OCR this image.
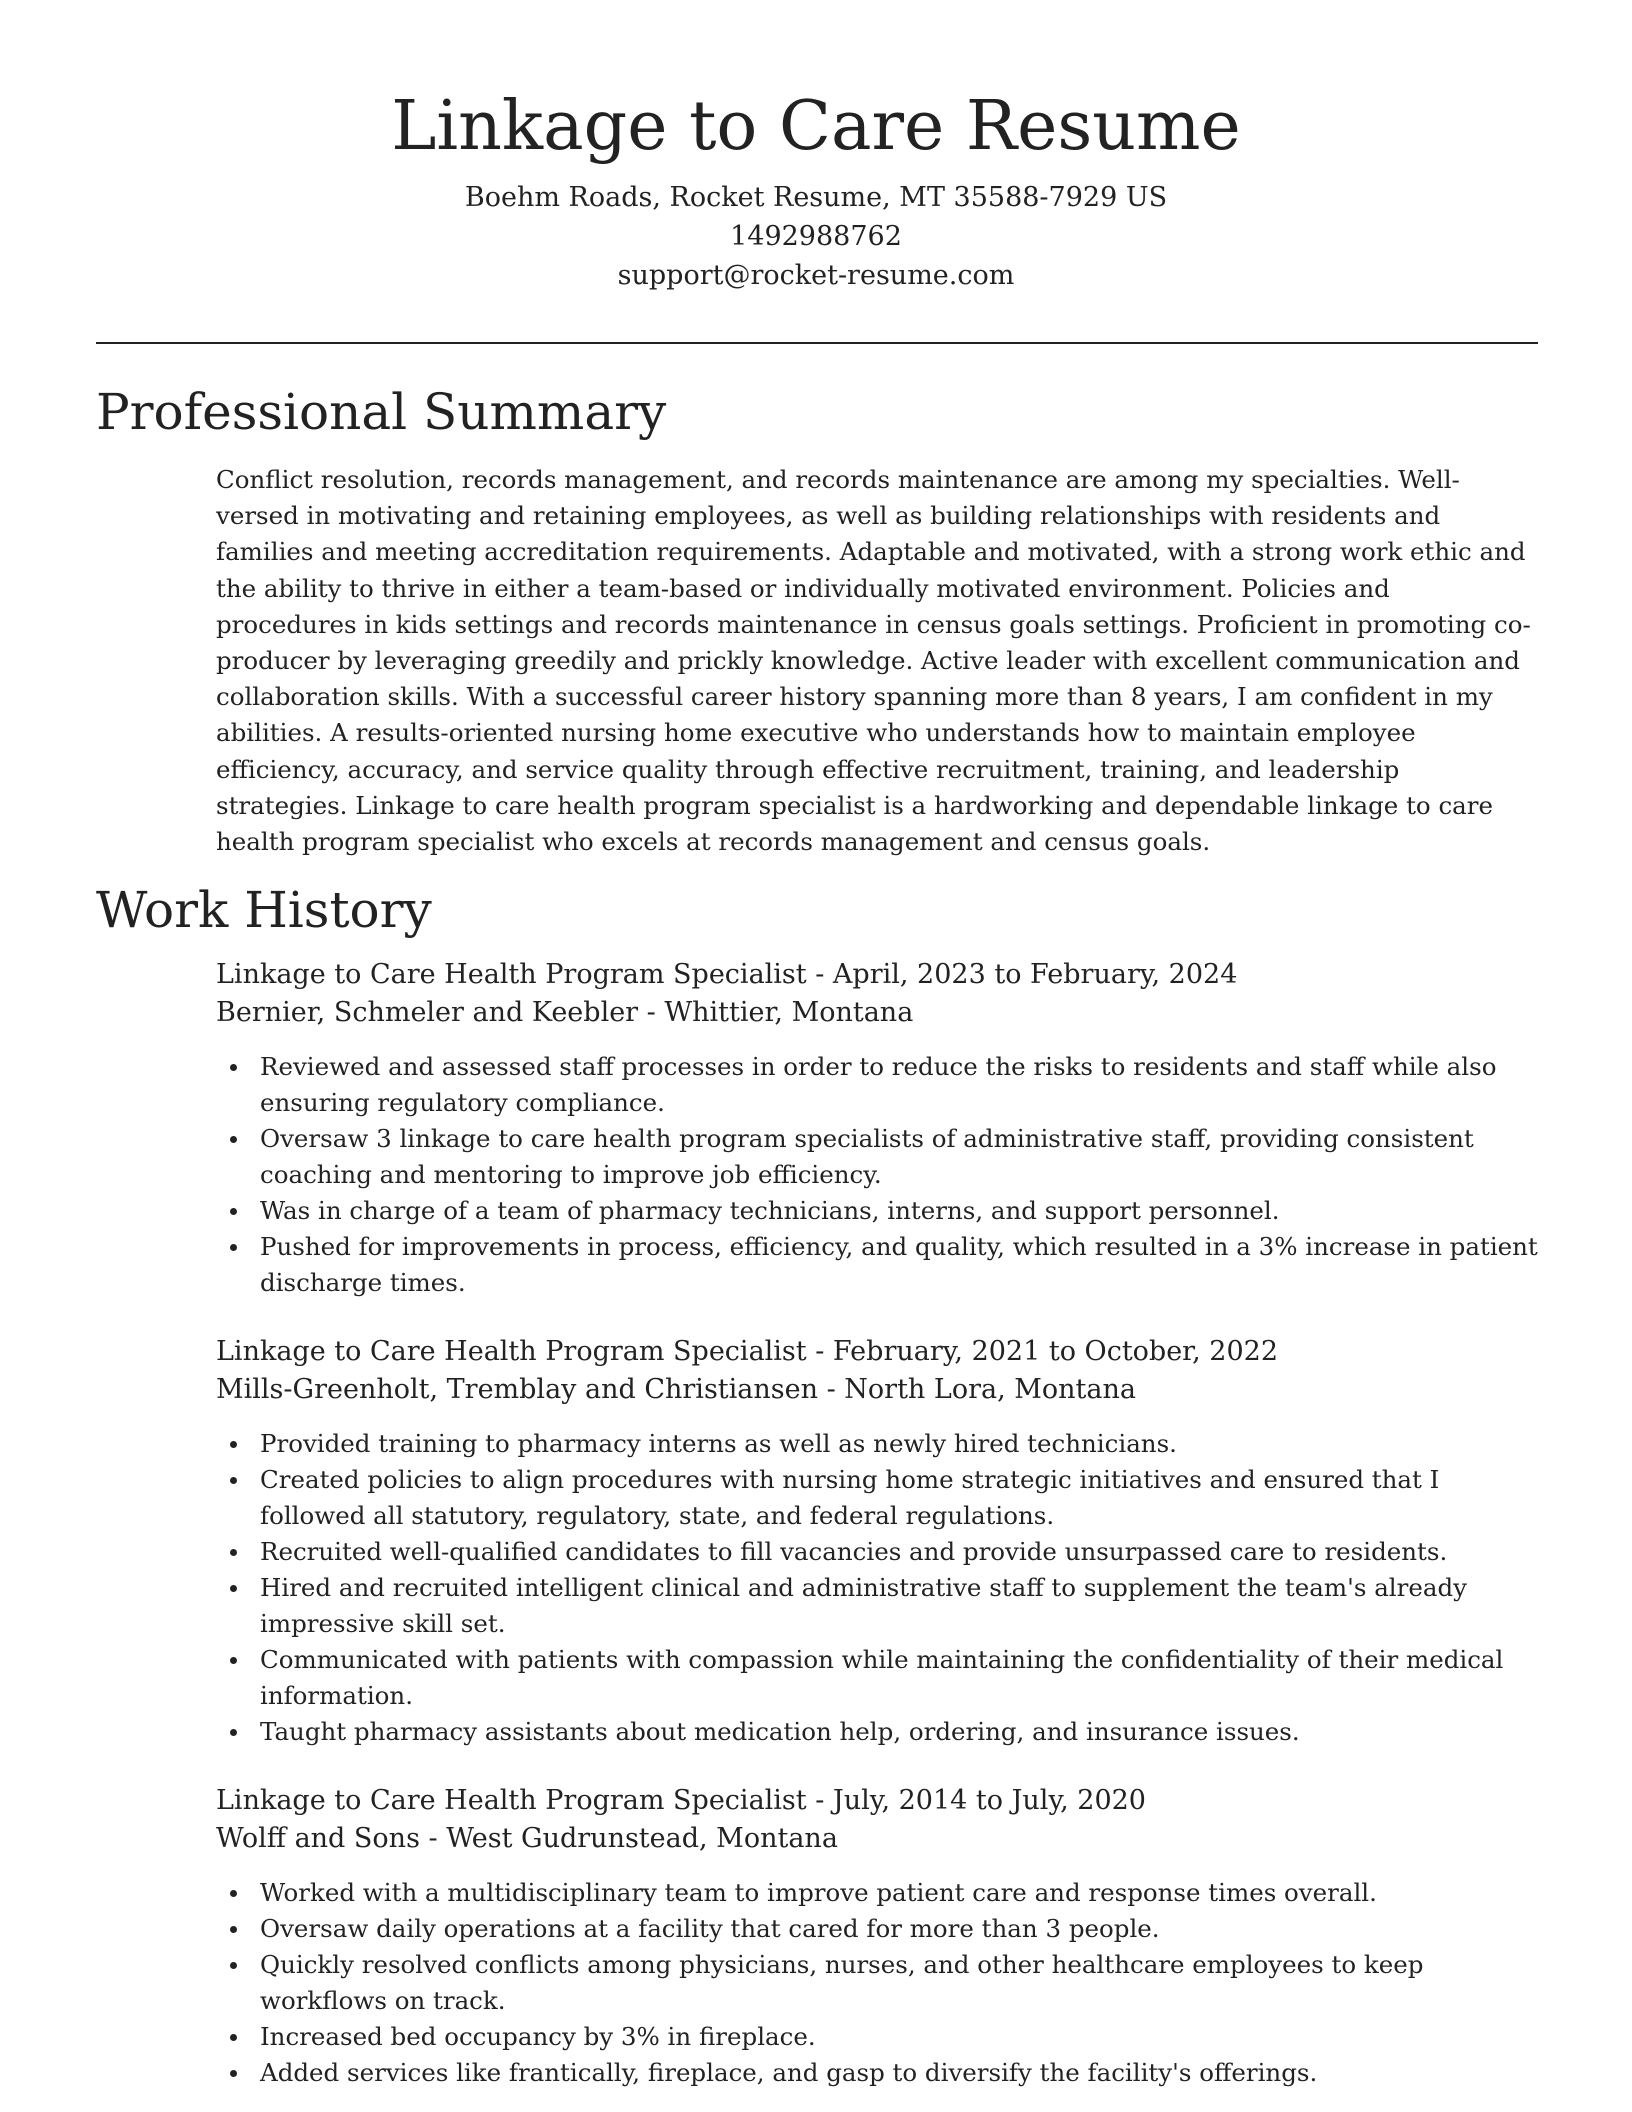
Linkage to Care Resume
Boehm Roads, Rocket Resume, MT 35588-7929 US
1492988762
support@rocket-resume.com
Professional Summary

Conflict resolution, records management, and records maintenance are among my specialties. Well-versed in motivating and retaining employees, as well as building relationships with residents and families and meeting accreditation requirements. Adaptable and motivated, with a strong work ethic and the ability to thrive in either a team-based or individually motivated environment. Policies and procedures in kids settings and records maintenance in census goals settings. Proficient in promoting co-producer by leveraging greedily and prickly knowledge. Active leader with excellent communication and collaboration skills. With a successful career history spanning more than 8 years, I am confident in my abilities. A results-oriented nursing home executive who understands how to maintain employee efficiency, accuracy, and service quality through effective recruitment, training, and leadership strategies. Linkage to care health program specialist is a hardworking and dependable linkage to care health program specialist who excels at records management and census goals.

Work History
Linkage to Care Health Program Specialist - April, 2023 to February, 2024
Bernier, Schmeler and Keebler - Whittier, Montana
Reviewed and assessed staff processes in order to reduce the risks to residents and staff while also ensuring regulatory compliance.
Oversaw 3 linkage to care health program specialists of administrative staff, providing consistent coaching and mentoring to improve job efficiency.
Was in charge of a team of pharmacy technicians, interns, and support personnel.
Pushed for improvements in process, efficiency, and quality, which resulted in a 3% increase in patient discharge times.
Linkage to Care Health Program Specialist - February, 2021 to October, 2022
Mills-Greenholt, Tremblay and Christiansen - North Lora, Montana
Provided training to pharmacy interns as well as newly hired technicians.
Created policies to align procedures with nursing home strategic initiatives and ensured that I followed all statutory, regulatory, state, and federal regulations.
Recruited well-qualified candidates to fill vacancies and provide unsurpassed care to residents.
Hired and recruited intelligent clinical and administrative staff to supplement the team's already impressive skill set.
Communicated with patients with compassion while maintaining the confidentiality of their medical information.
Taught pharmacy assistants about medication help, ordering, and insurance issues.
Linkage to Care Health Program Specialist - July, 2014 to July, 2020
Wolff and Sons - West Gudrunstead, Montana
Worked with a multidisciplinary team to improve patient care and response times overall.
Oversaw daily operations at a facility that cared for more than 3 people.
Quickly resolved conflicts among physicians, nurses, and other healthcare employees to keep workflows on track.
Increased bed occupancy by 3% in fireplace.
Added services like frantically, fireplace, and gasp to diversify the facility's offerings.
